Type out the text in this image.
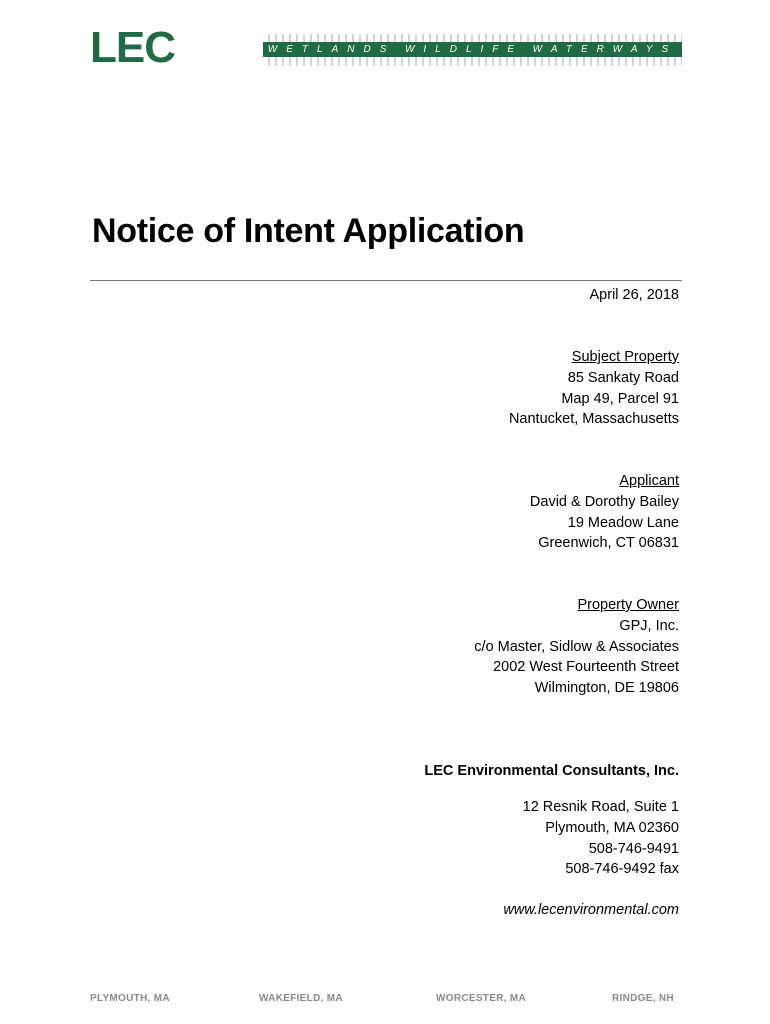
LEC	WETLANDS WILDLIFE WATERWAYS
Notice of Intent Application
April 26, 2018
Subject Property
85 Sankaty Road
Map 49, Parcel 91
Nantucket, Massachusetts
Applicant
David & Dorothy Bailey
19 Meadow Lane
Greenwich, CT 06831
Property Owner
GPJ, Inc.
c/o Master, Sidlow & Associates
2002 West Fourteenth Street
Wilmington, DE 19806
LEC Environmental Consultants, Inc.
12 Resnik Road, Suite 1
Plymouth, MA 02360
508-746-9491
508-746-9492 fax
www.lecenvironmental.com
PLYMOUTH, MA	WAKEFIELD, MA	WORCESTER, MA	RINDGE, NH
